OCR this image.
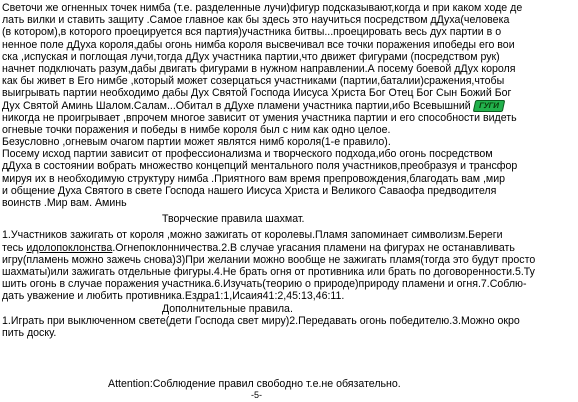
Светочи же огненных точек нимба (т.е. разделенные лучи)фигур подсказывают,когда и при каком ходе де
лать вилки и ставить защиту .Самое главное как бы здесь это научиться посредством дДуха(человека
(в котором),в которого проецируется вся партия)участника битвы...проецировать весь дух партии в о
ненное поле дДуха короля,дабы огонь нимба короля высвечивал все точки поражения ипобеды его вои
ска ,испуская и поглощая лучи,тогда дДух участника партии,что движет фигурами (посредством рук)
начнет подключать разум,дабы двигать фигурами в нужном направлении.А посему боевой дДух короля
как бы живет в Его нимбе ,который может созерцаться участниками (партии,баталии)сражения,чтобы
выигрывать партии необходимо дабы Дух Святой Господа Иисуса Христа Бог Отец Бог Сын Божий Бог
Дух Святой Аминь Шалом.Салам...Обитал в дДухе пламени участника партии,ибо Всевышний ГУГИ
никогда не проигрывает ,впрочем многое зависит от умения участника партии и его способности видеть
огневые точки поражения и победы в нимбе короля был с ним как одно целое.
Безусловно ,огневым очагом партии может являтся нимб короля(1-е правило).
Посему исход партии зависит от профессионализма и творческого подхода,ибо огонь посредством
дДуха в состоянии вобрать множество концепций ментального поля участников,преобразуя и трансфор
мируя их в необходимую структуру нимба .Приятного вам время препровождения,благодать вам ,мир
и общение Духа Святого в свете Господа нашего Иисуса Христа и Великого Саваофа предводителя
воинств .Мир вам. Аминь
Творческие правила шахмат.
1.Участников зажигать от короля ,можно зажигать от королевы.Пламя запоминает символизм.Береги
тесь идолопоклонства.Огнепоклонничества.2.В случае угасания пламени на фигурах не останавливать
игру(пламень можно зажечь снова)3)При желании можно вообще не зажигать пламя(тогда это будут просто
шахматы)или зажигать отдельные фигуры.4.Не брать огня от противника или брать по договоренности.5.Ту
шить огонь в случае поражения участника.6.Изучать(теорию о природе)природу пламени и огня.7.Соблю-
дать уважение и любить противника.Ездра1:1,Исаия41:2,45:13,46:11.
Дополнительные правила.
1.Играть при выключенном свете(дети Господа свет миру)2.Передавать огонь победителю.3.Можно окро
пить доску.
Attention:Соблюдение правил свободно т.е.не обязательно.
-5-
